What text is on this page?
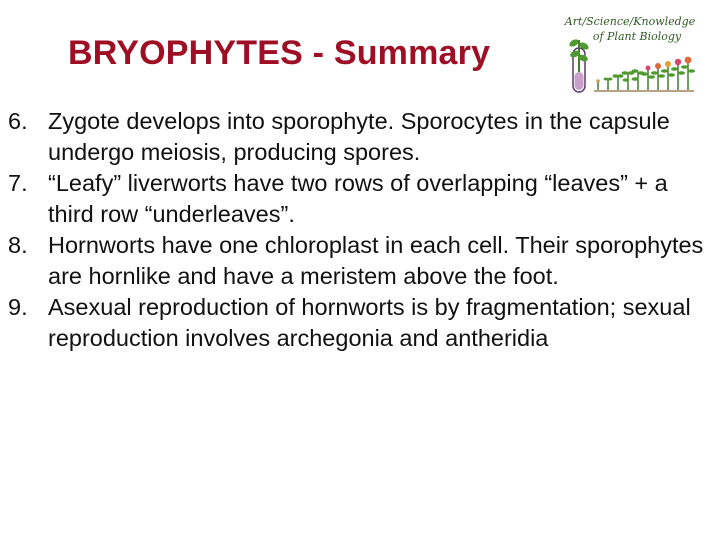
BRYOPHYTES - Summary
Art/Science/Knowledge
of Plant Biology
6. Zygote develops into sporophyte. Sporocytes in the capsule undergo meiosis, producing spores.
7. “Leafy” liverworts have two rows of overlapping “leaves” + a third row “underleaves”.
8. Hornworts have one chloroplast in each cell. Their sporophytes are hornlike and have a meristem above the foot.
9. Asexual reproduction of hornworts is by fragmentation; sexual reproduction involves archegonia and antheridia
